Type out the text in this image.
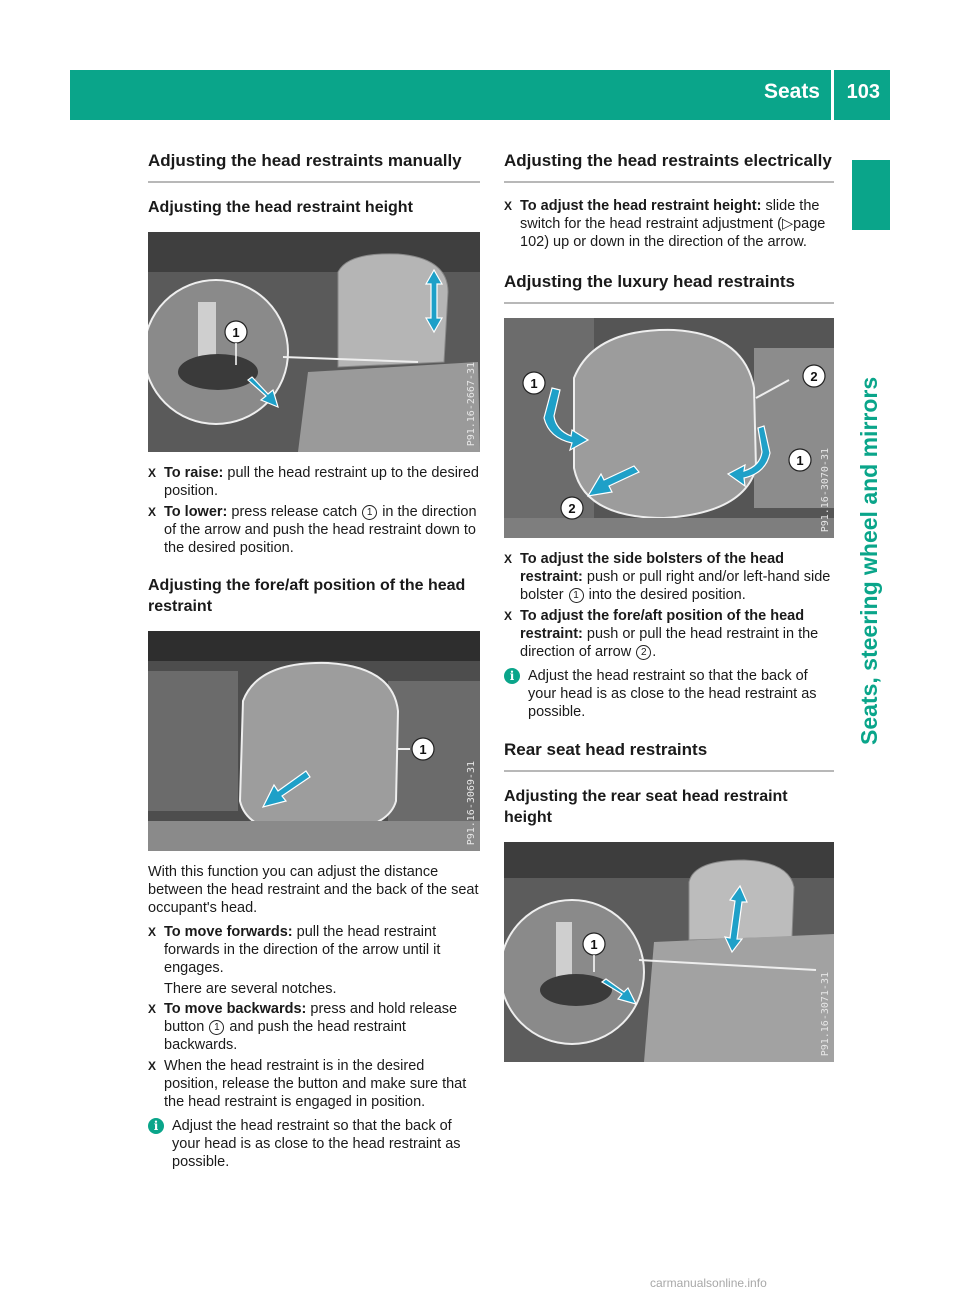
Seats 103
Seats, steering wheel and mirrors
Adjusting the head restraints manually
Adjusting the head restraint height
1
P91.16-2667-31
X To raise: pull the head restraint up to the desired position.
X To lower: press release catch 1 in the direction of the arrow and push the head restraint down to the desired position.
Adjusting the fore/aft position of the head restraint
1
P91.16-3069-31
With this function you can adjust the distance between the head restraint and the back of the seat occupant's head.
X To move forwards: pull the head restraint forwards in the direction of the arrow until it engages.
There are several notches.
X To move backwards: press and hold release button 1 and push the head restraint backwards.
X When the head restraint is in the desired position, release the button and make sure that the head restraint is engaged in position.
i Adjust the head restraint so that the back of your head is as close to the head restraint as possible.
Adjusting the head restraints electrically
X To adjust the head restraint height: slide the switch for the head restraint adjustment (▷page 102) up or down in the direction of the arrow.
Adjusting the luxury head restraints
1	2
1
2	P91.16-3070-31
X To adjust the side bolsters of the head restraint: push or pull right and/or left-hand side bolster 1 into the desired position.
X To adjust the fore/aft position of the head restraint: push or pull the head restraint in the direction of arrow 2 .
i Adjust the head restraint so that the back of your head is as close to the head restraint as possible.
Rear seat head restraints
Adjusting the rear seat head restraint height
1
P91.16-3071-31
carmanualsonline.info
